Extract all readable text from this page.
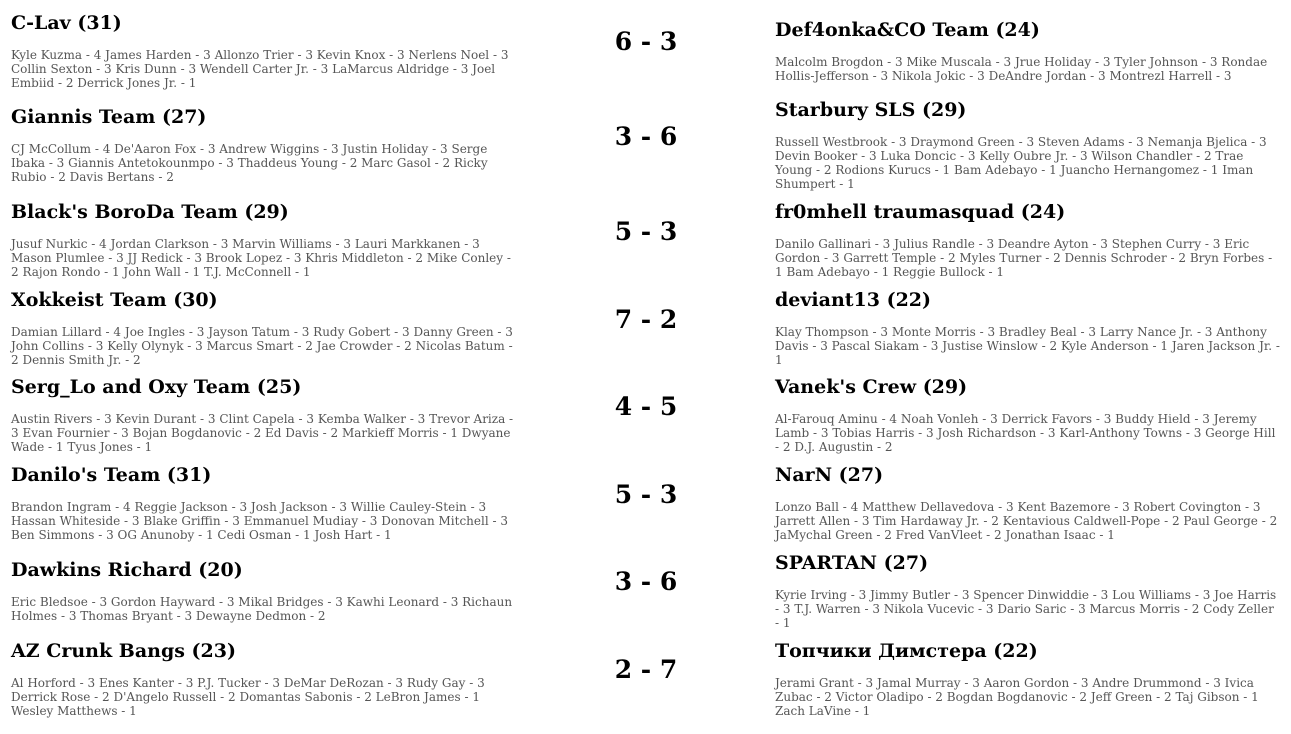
C-Lav (31)
Kyle Kuzma - 4 James Harden - 3 Allonzo Trier - 3 Kevin Knox - 3 Nerlens Noel - 3 Collin Sexton - 3 Kris Dunn - 3 Wendell Carter Jr. - 3 LaMarcus Aldridge - 3 Joel Embiid - 2 Derrick Jones Jr. - 1
6 - 3	Def4onka&CO Team (24)
Malcolm Brogdon - 3 Mike Muscala - 3 Jrue Holiday - 3 Tyler Johnson - 3 Rondae Hollis-Jefferson - 3 Nikola Jokic - 3 DeAndre Jordan - 3 Montrezl Harrell - 3
Giannis Team (27)
CJ McCollum - 4 De'Aaron Fox - 3 Andrew Wiggins - 3 Justin Holiday - 3 Serge Ibaka - 3 Giannis Antetokounmpo - 3 Thaddeus Young - 2 Marc Gasol - 2 Ricky Rubio - 2 Davis Bertans - 2
3 - 6
Starbury SLS (29)
Russell Westbrook - 3 Draymond Green - 3 Steven Adams - 3 Nemanja Bjelica - 3 Devin Booker - 3 Luka Doncic - 3 Kelly Oubre Jr. - 3 Wilson Chandler - 2 Trae Young - 2 Rodions Kurucs - 1 Bam Adebayo - 1 Juancho Hernangomez - 1 Iman Shumpert - 1
Black's BoroDa Team (29)
Jusuf Nurkic - 4 Jordan Clarkson - 3 Marvin Williams - 3 Lauri Markkanen - 3 Mason Plumlee - 3 JJ Redick - 3 Brook Lopez - 3 Khris Middleton - 2 Mike Conley - 2 Rajon Rondo - 1 John Wall - 1 T.J. McConnell - 1
5 - 3
fr0mhell traumasquad (24)
Danilo Gallinari - 3 Julius Randle - 3 Deandre Ayton - 3 Stephen Curry - 3 Eric Gordon - 3 Garrett Temple - 2 Myles Turner - 2 Dennis Schroder - 2 Bryn Forbes - 1 Bam Adebayo - 1 Reggie Bullock - 1
Xokkeist Team (30)
Damian Lillard - 4 Joe Ingles - 3 Jayson Tatum - 3 Rudy Gobert - 3 Danny Green - 3 John Collins - 3 Kelly Olynyk - 3 Marcus Smart - 2 Jae Crowder - 2 Nicolas Batum - 2 Dennis Smith Jr. - 2
7 - 2
deviant13 (22)
Klay Thompson - 3 Monte Morris - 3 Bradley Beal - 3 Larry Nance Jr. - 3 Anthony Davis - 3 Pascal Siakam - 3 Justise Winslow - 2 Kyle Anderson - 1 Jaren Jackson Jr. - 1
Serg_Lo and Oxy Team (25)
Austin Rivers - 3 Kevin Durant - 3 Clint Capela - 3 Kemba Walker - 3 Trevor Ariza - 3 Evan Fournier - 3 Bojan Bogdanovic - 2 Ed Davis - 2 Markieff Morris - 1 Dwyane Wade - 1 Tyus Jones - 1
4 - 5
Vanek's Crew (29)
Al-Farouq Aminu - 4 Noah Vonleh - 3 Derrick Favors - 3 Buddy Hield - 3 Jeremy Lamb - 3 Tobias Harris - 3 Josh Richardson - 3 Karl-Anthony Towns - 3 George Hill - 2 D.J. Augustin - 2
Danilo's Team (31)
Brandon Ingram - 4 Reggie Jackson - 3 Josh Jackson - 3 Willie Cauley-Stein - 3 Hassan Whiteside - 3 Blake Griffin - 3 Emmanuel Mudiay - 3 Donovan Mitchell - 3 Ben Simmons - 3 OG Anunoby - 1 Cedi Osman - 1 Josh Hart - 1
5 - 3
NarN (27)
Lonzo Ball - 4 Matthew Dellavedova - 3 Kent Bazemore - 3 Robert Covington - 3 Jarrett Allen - 3 Tim Hardaway Jr. - 2 Kentavious Caldwell-Pope - 2 Paul George - 2 JaMychal Green - 2 Fred VanVleet - 2 Jonathan Isaac - 1
Dawkins Richard (20)
Eric Bledsoe - 3 Gordon Hayward - 3 Mikal Bridges - 3 Kawhi Leonard - 3 Richaun Holmes - 3 Thomas Bryant - 3 Dewayne Dedmon - 2
3 - 6
SPARTAN (27)
Kyrie Irving - 3 Jimmy Butler - 3 Spencer Dinwiddie - 3 Lou Williams - 3 Joe Harris - 3 T.J. Warren - 3 Nikola Vucevic - 3 Dario Saric - 3 Marcus Morris - 2 Cody Zeller - 1
AZ Crunk Bangs (23)
Al Horford - 3 Enes Kanter - 3 P.J. Tucker - 3 DeMar DeRozan - 3 Rudy Gay - 3 Derrick Rose - 2 D'Angelo Russell - 2 Domantas Sabonis - 2 LeBron James - 1 Wesley Matthews - 1
2 - 7
Топчики Димстера (22)
Jerami Grant - 3 Jamal Murray - 3 Aaron Gordon - 3 Andre Drummond - 3 Ivica Zubac - 2 Victor Oladipo - 2 Bogdan Bogdanovic - 2 Jeff Green - 2 Taj Gibson - 1 Zach LaVine - 1
